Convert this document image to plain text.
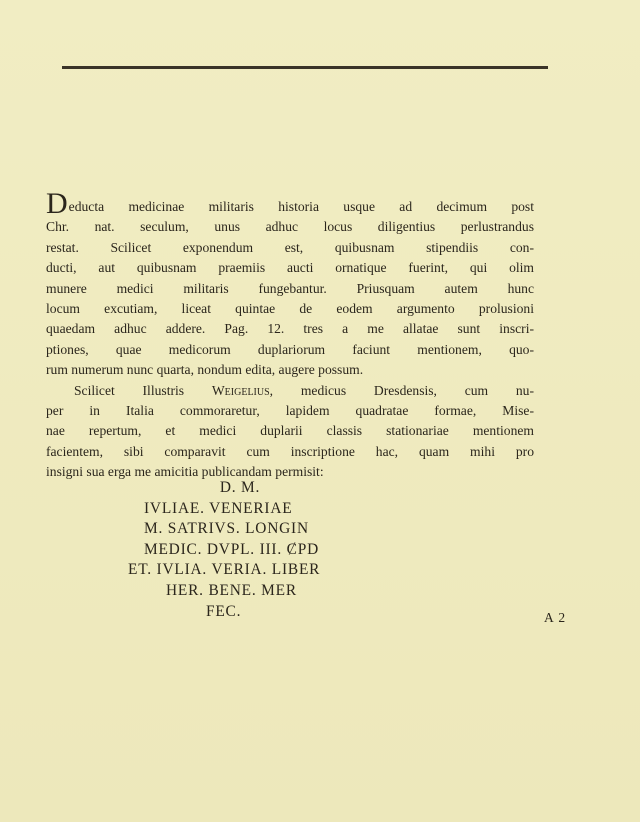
Deducta medicinae militaris historia usque ad decimum post
Chr. nat. seculum, unus adhuc locus diligentius perlustrandus
restat. Scilicet exponendum est, quibusnam stipendiis con-
ducti, aut quibusnam praemiis aucti ornatique fuerint, qui olim
munere medici militaris fungebantur. Priusquam autem hunc
locum excutiam, liceat quintae de eodem argumento prolusioni
quaedam adhuc addere. Pag. 12. tres a me allatae sunt inscri-
ptiones, quae medicorum duplariorum faciunt mentionem, quo-
rum numerum nunc quarta, nondum edita, augere possum.
Scilicet Illustris Weigelius, medicus Dresdensis, cum nu-
per in Italia commoraretur, lapidem quadratae formae, Mise-
nae repertum, et medici duplarii classis stationariae mentionem
facientem, sibi comparavit cum inscriptione hac, quam mihi pro
insigni sua erga me amicitia publicandam permisit:
D. M.
IVLIAE. VENERIAE
M. SATRIVS. LONGIN
MEDIC. DVPL. III. ȻPD
ET. IVLIA. VERIA. LIBER
HER. BENE. MER
FEC.	A 2
